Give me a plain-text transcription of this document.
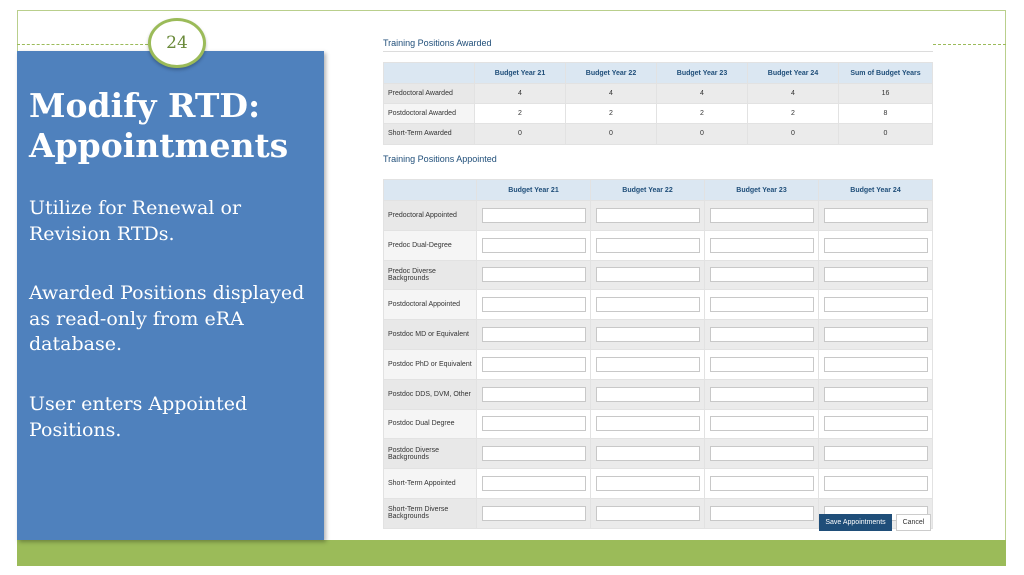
24
Modify RTD:
Appointments

Utilize for Renewal or Revision RTDs.

Awarded Positions displayed as read-only from eRA database.

User enters Appointed Positions.

Training Positions Awarded
	Budget Year 21	Budget Year 22	Budget Year 23	Budget Year 24	Sum of Budget Years
Predoctoral Awarded	4	4	4	4	16
Postdoctoral Awarded	2	2	2	2	8
Short-Term Awarded	0	0	0	0	0
Training Positions Appointed
	Budget Year 21	Budget Year 22	Budget Year 23	Budget Year 24
Predoctoral Appointed	

Predoc Dual-Degree	

Predoc Diverse Backgrounds	

Postdoctoral Appointed	

Postdoc MD or Equivalent	

Postdoc PhD or Equivalent	

Postdoc DDS, DVM, Other	

Postdoc Dual Degree	

Postdoc Diverse Backgrounds	

Short-Term Appointed	

Short-Term Diverse Backgrounds	

Save Appointments	Cancel
